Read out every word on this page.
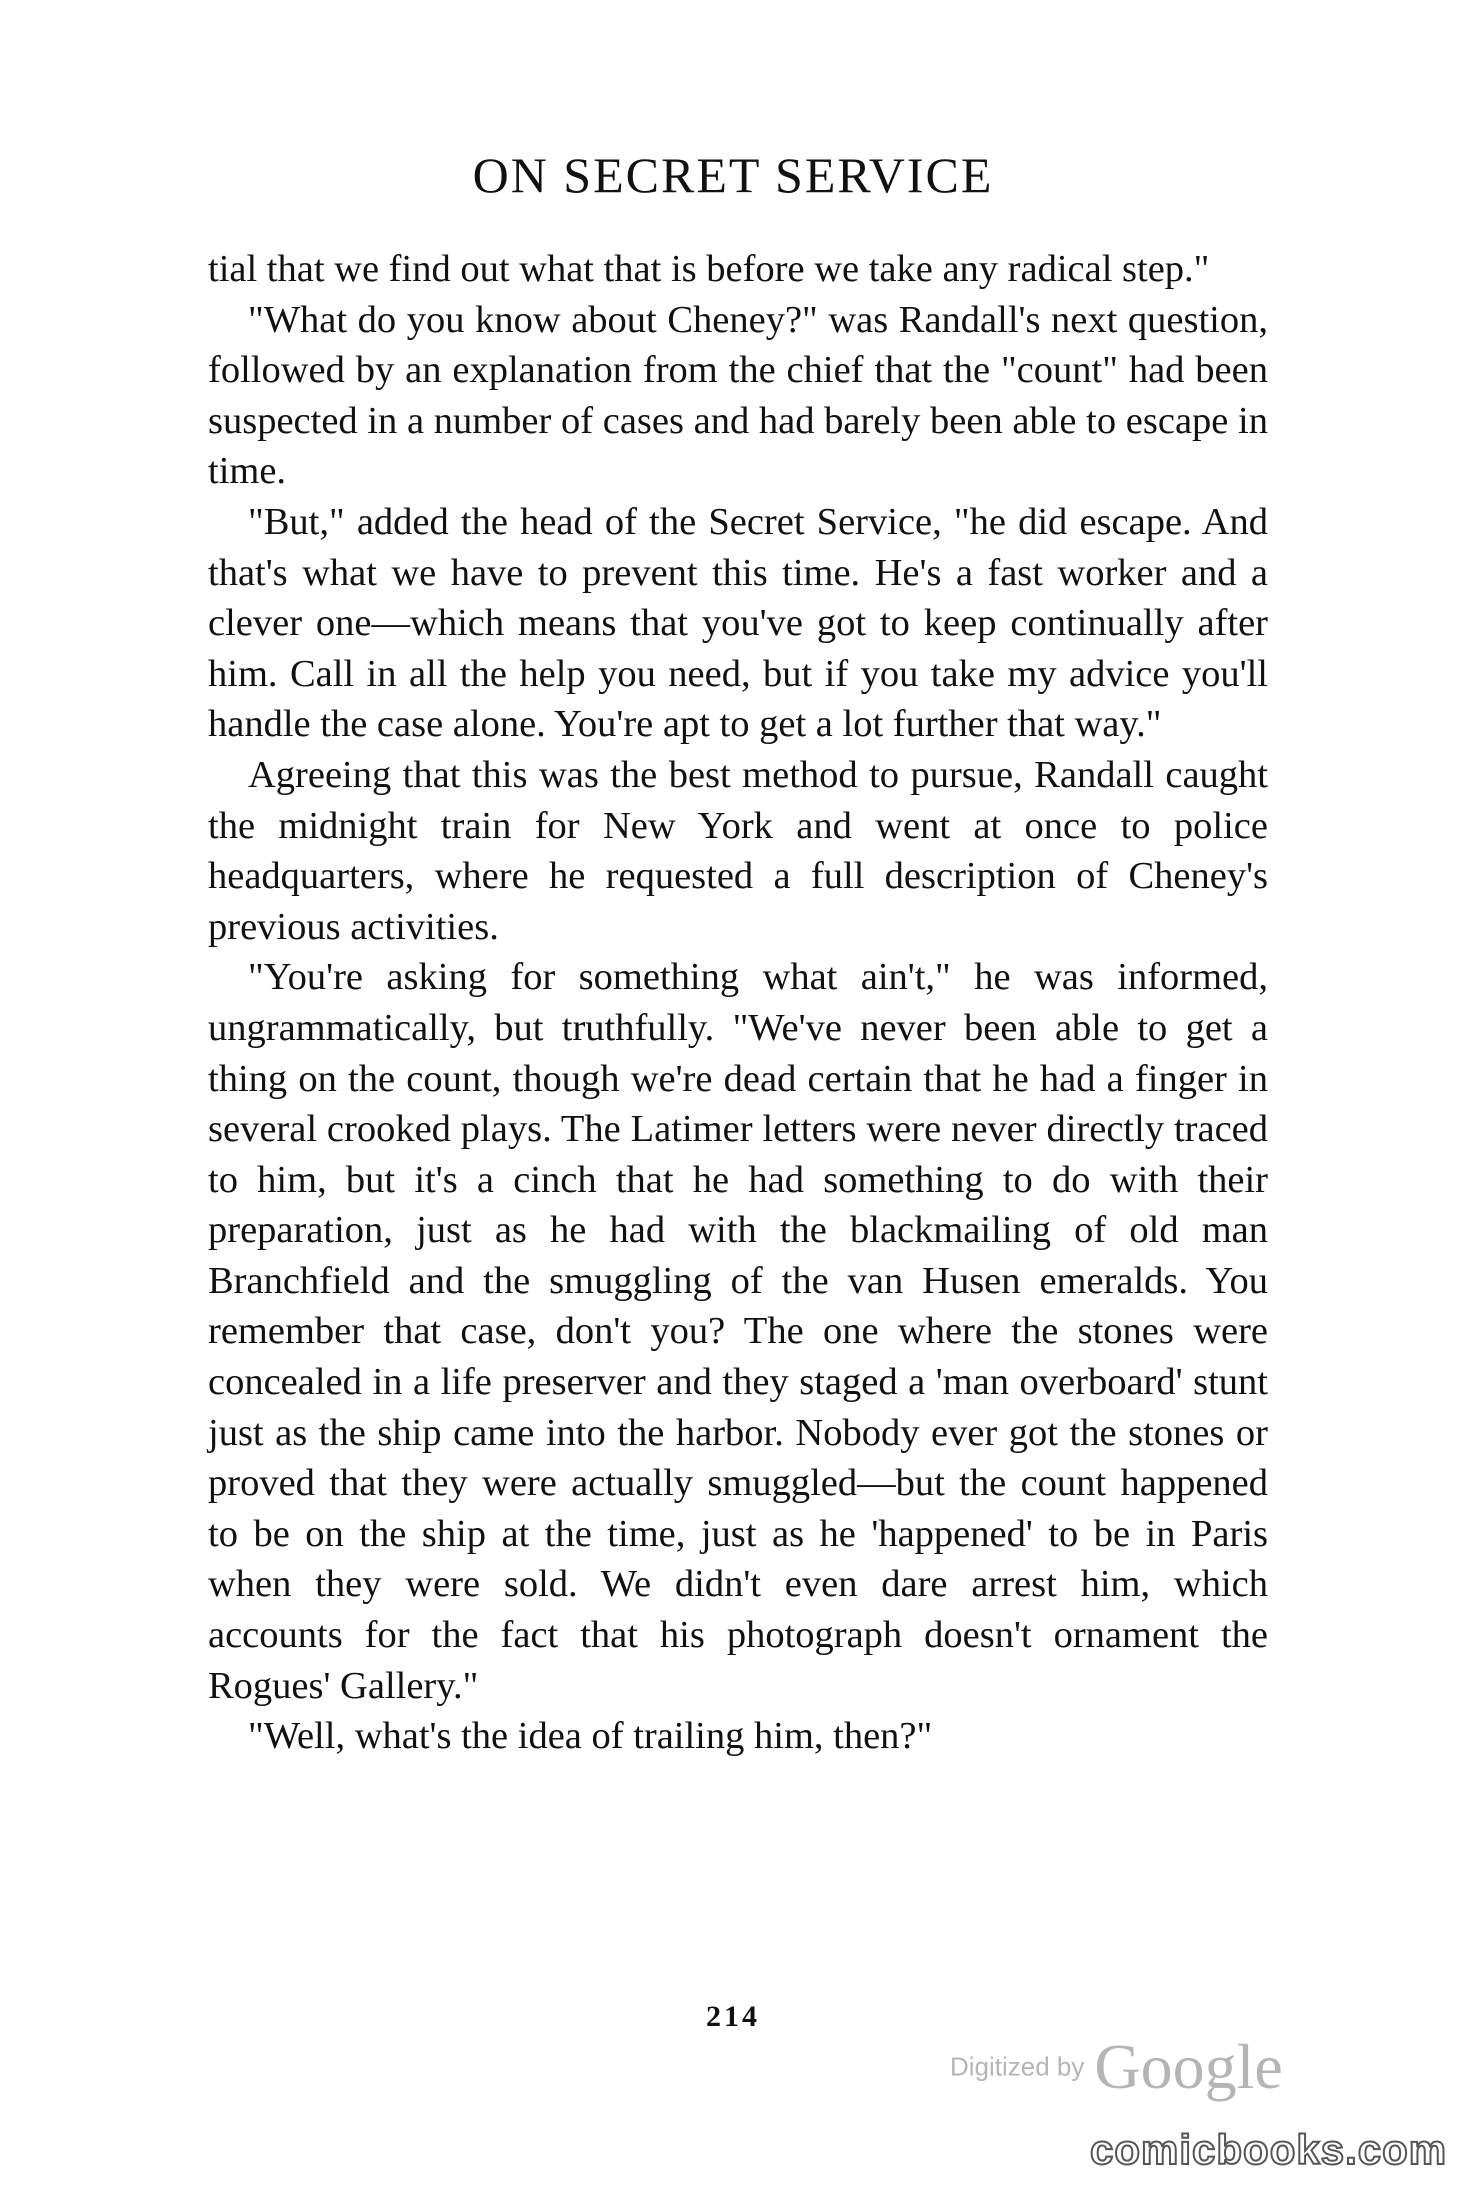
ON SECRET SERVICE

tial that we find out what that is before we take any radical step."

"What do you know about Cheney?" was Randall's next question, followed by an explanation from the chief that the "count" had been suspected in a number of cases and had barely been able to escape in time.

"But," added the head of the Secret Service, "he did escape. And that's what we have to prevent this time. He's a fast worker and a clever one—which means that you've got to keep continually after him. Call in all the help you need, but if you take my advice you'll handle the case alone. You're apt to get a lot further that way."

Agreeing that this was the best method to pursue, Randall caught the midnight train for New York and went at once to police headquarters, where he requested a full description of Cheney's previous activities.

"You're asking for something what ain't," he was informed, ungrammatically, but truthfully. "We've never been able to get a thing on the count, though we're dead certain that he had a finger in several crooked plays. The Latimer letters were never directly traced to him, but it's a cinch that he had something to do with their preparation, just as he had with the blackmailing of old man Branchfield and the smuggling of the van Husen emeralds. You remember that case, don't you? The one where the stones were concealed in a life preserver and they staged a 'man overboard' stunt just as the ship came into the harbor. Nobody ever got the stones or proved that they were actually smuggled—but the count happened to be on the ship at the time, just as he 'happened' to be in Paris when they were sold. We didn't even dare arrest him, which accounts for the fact that his photograph doesn't ornament the Rogues' Gallery."

"Well, what's the idea of trailing him, then?"

214
Digitized by Google
comicbooks.com
